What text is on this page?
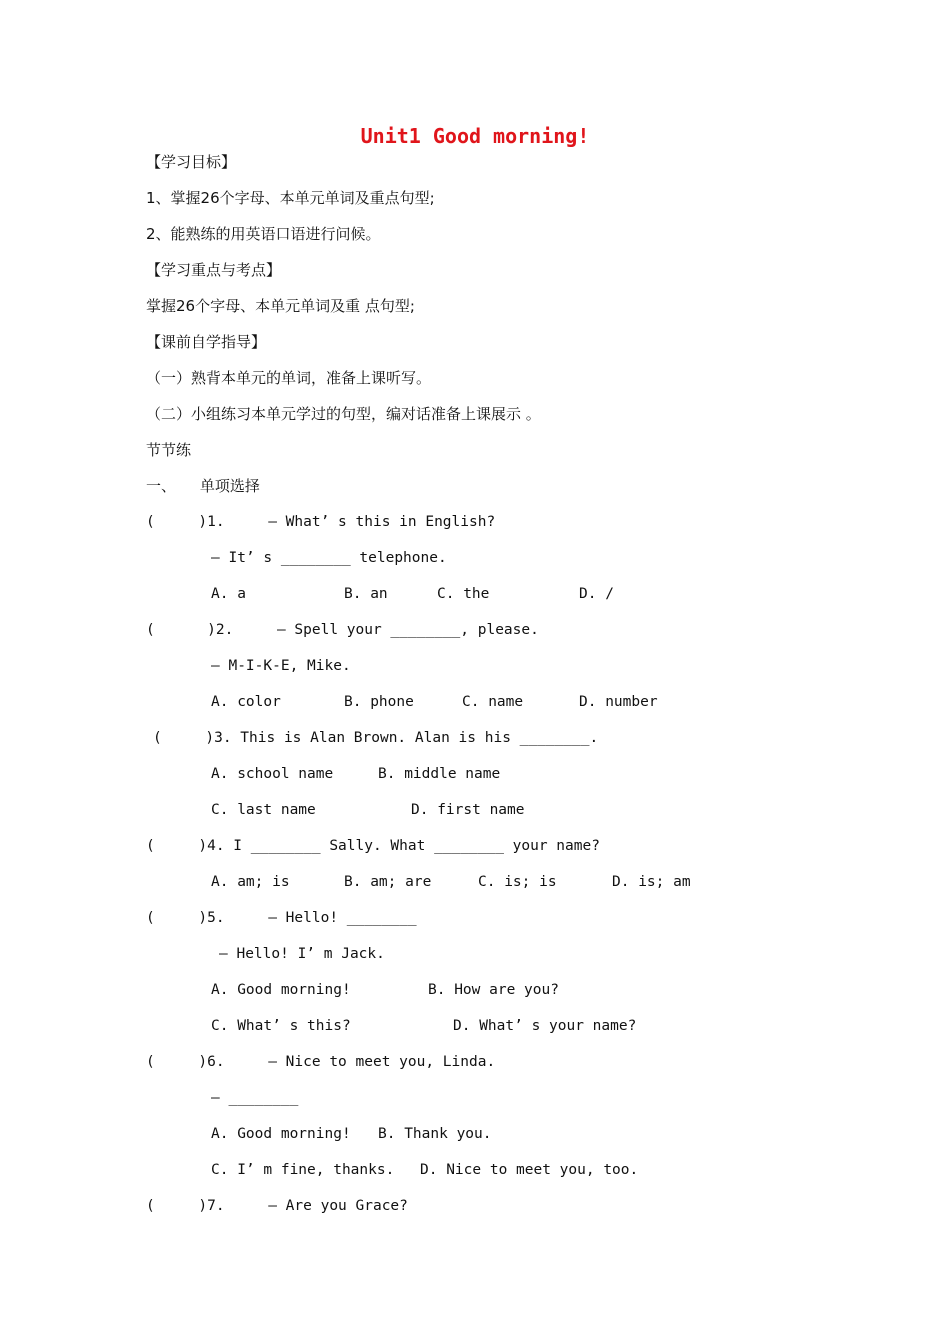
Unit1 Good morning!
【学习目标】
1、掌握26个字母、本单元单词及重点句型;
2、能熟练的用英语口语进行问候。
【学习重点与考点】
掌握26个字母、本单元单词及重 点句型;
【课前自学指导】
（一）熟背本单元的单词，准备上课听写。
（二）小组练习本单元学过的句型，编对话准备上课展示 。
节节练
一、     单项选择
(     )1.     — What’ s this in English?
— It’ s ________ telephone.
A. a	B. an	C. the	D. /
(      )2.     — Spell your ________, please.
— M-I-K-E, Mike.
A. color	B. phone	C. name	D. number
(     )3. This is Alan Brown. Alan is his ________.
A. school name	B. middle name
C. last name	D. first name
(     )4. I ________ Sally. What ________ your name?
A. am; is	B. am; are	C. is; is	D. is; am
(     )5.     — Hello! ________
— Hello! I’ m Jack.
A. Good morning!	B. How are you?
C. What’ s this?	D. What’ s your name?
(     )6.     — Nice to meet you, Linda.
— ________
A. Good morning! B. Thank you.
C. I’ m fine, thanks. D. Nice to meet you, too.
(     )7.     — Are you Grace?
